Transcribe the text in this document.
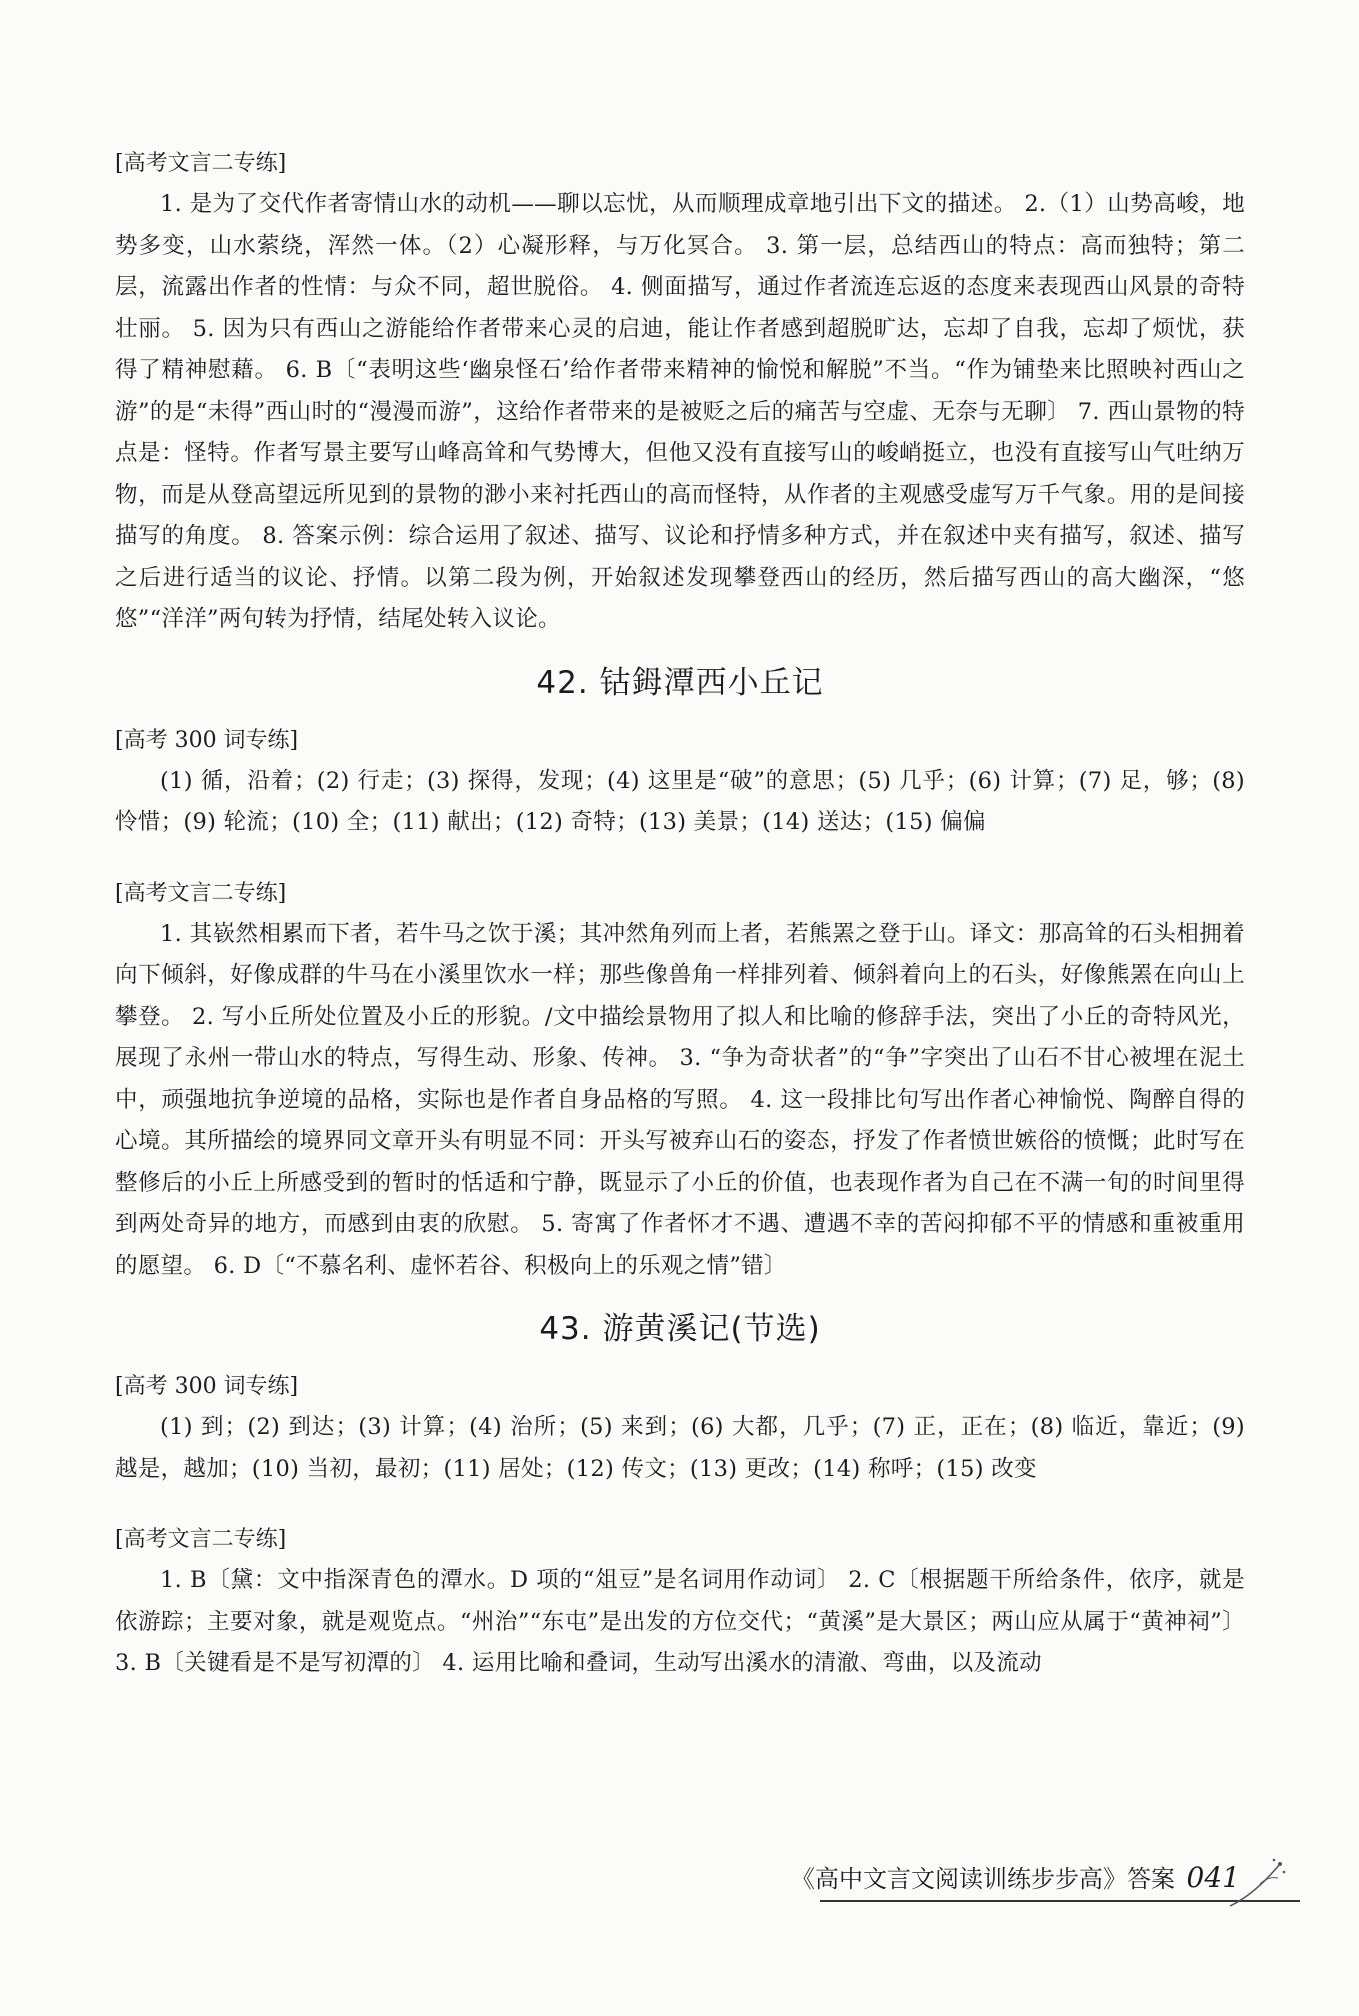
[高考文言二专练]

1. 是为了交代作者寄情山水的动机——聊以忘忧，从而顺理成章地引出下文的描述。 2.（1）山势高峻，地势多变，山水萦绕，浑然一体。（2）心凝形释，与万化冥合。 3. 第一层，总结西山的特点：高而独特；第二层，流露出作者的性情：与众不同，超世脱俗。 4. 侧面描写，通过作者流连忘返的态度来表现西山风景的奇特壮丽。 5. 因为只有西山之游能给作者带来心灵的启迪，能让作者感到超脱旷达，忘却了自我，忘却了烦忧，获得了精神慰藉。 6. B〔“表明这些‘幽泉怪石’给作者带来精神的愉悦和解脱”不当。“作为铺垫来比照映衬西山之游”的是“未得”西山时的“漫漫而游”，这给作者带来的是被贬之后的痛苦与空虚、无奈与无聊〕 7. 西山景物的特点是：怪特。作者写景主要写山峰高耸和气势博大，但他又没有直接写山的峻峭挺立，也没有直接写山气吐纳万物，而是从登高望远所见到的景物的渺小来衬托西山的高而怪特，从作者的主观感受虚写万千气象。用的是间接描写的角度。 8. 答案示例：综合运用了叙述、描写、议论和抒情多种方式，并在叙述中夹有描写，叙述、描写之后进行适当的议论、抒情。以第二段为例，开始叙述发现攀登西山的经历，然后描写西山的高大幽深，“悠悠”“洋洋”两句转为抒情，结尾处转入议论。

42. 钴鉧潭西小丘记
[高考 300 词专练]

(1) 循，沿着；(2) 行走；(3) 探得，发现；(4) 这里是“破”的意思；(5) 几乎；(6) 计算；(7) 足，够；(8) 怜惜；(9) 轮流；(10) 全；(11) 献出；(12) 奇特；(13) 美景；(14) 送达；(15) 偏偏

[高考文言二专练]

1. 其嵚然相累而下者，若牛马之饮于溪；其冲然角列而上者，若熊罴之登于山。译文：那高耸的石头相拥着向下倾斜，好像成群的牛马在小溪里饮水一样；那些像兽角一样排列着、倾斜着向上的石头，好像熊罴在向山上攀登。 2. 写小丘所处位置及小丘的形貌。/文中描绘景物用了拟人和比喻的修辞手法，突出了小丘的奇特风光，展现了永州一带山水的特点，写得生动、形象、传神。 3. “争为奇状者”的“争”字突出了山石不甘心被埋在泥土中，顽强地抗争逆境的品格，实际也是作者自身品格的写照。 4. 这一段排比句写出作者心神愉悦、陶醉自得的心境。其所描绘的境界同文章开头有明显不同：开头写被弃山石的姿态，抒发了作者愤世嫉俗的愤慨；此时写在整修后的小丘上所感受到的暂时的恬适和宁静，既显示了小丘的价值，也表现作者为自己在不满一旬的时间里得到两处奇异的地方，而感到由衷的欣慰。 5. 寄寓了作者怀才不遇、遭遇不幸的苦闷抑郁不平的情感和重被重用的愿望。 6. D〔“不慕名利、虚怀若谷、积极向上的乐观之情”错〕

43. 游黄溪记(节选)
[高考 300 词专练]

(1) 到；(2) 到达；(3) 计算；(4) 治所；(5) 来到；(6) 大都，几乎；(7) 正，正在；(8) 临近，靠近；(9) 越是，越加；(10) 当初，最初；(11) 居处；(12) 传文；(13) 更改；(14) 称呼；(15) 改变

[高考文言二专练]

1. B〔黛：文中指深青色的潭水。D 项的“俎豆”是名词用作动词〕 2. C〔根据题干所给条件，依序，就是依游踪；主要对象，就是观览点。“州治”“东屯”是出发的方位交代；“黄溪”是大景区；两山应从属于“黄神祠”〕 3. B〔关键看是不是写初潭的〕 4. 运用比喻和叠词，生动写出溪水的清澈、弯曲，以及流动

《高中文言文阅读训练步步高》答案 041
